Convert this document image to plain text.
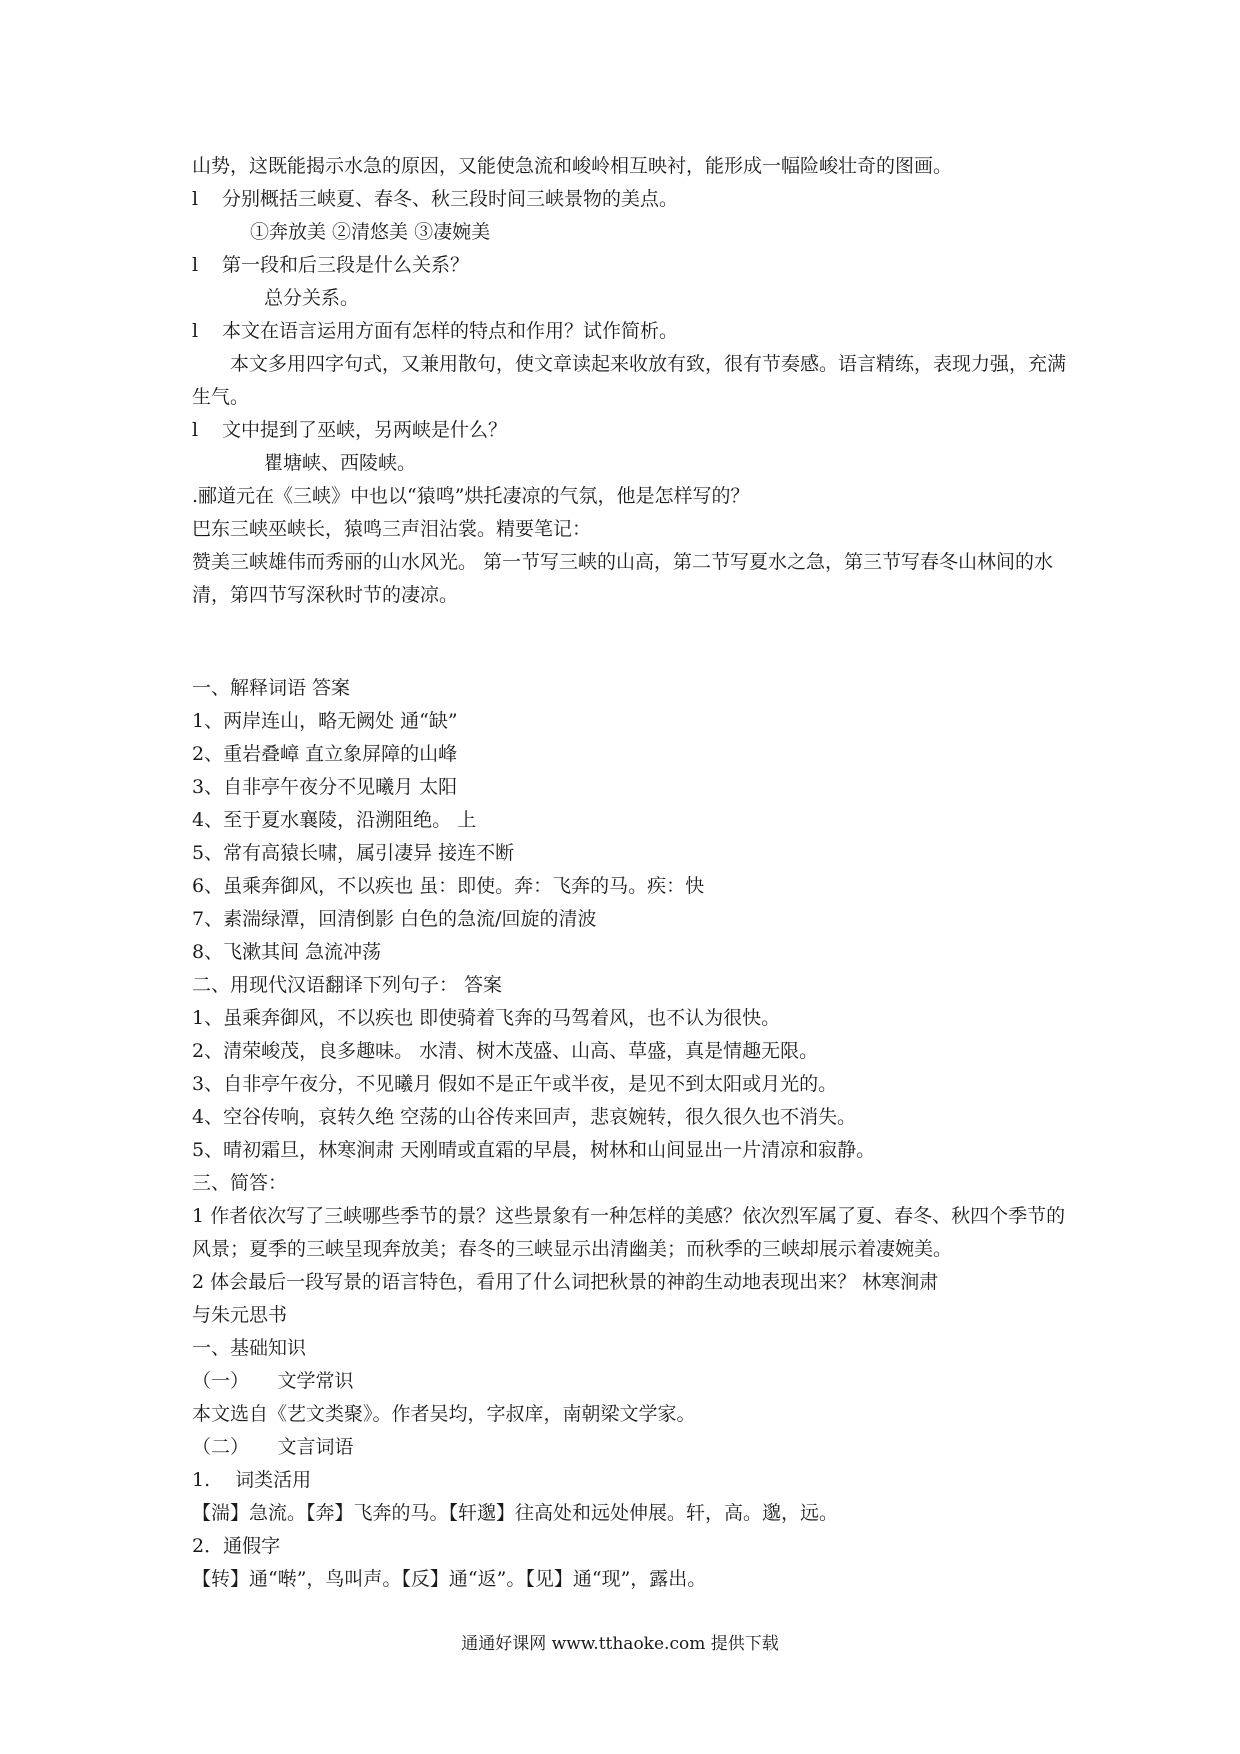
山势，这既能揭示水急的原因，又能使急流和峻岭相互映衬，能形成一幅险峻壮奇的图画。
l 分别概括三峡夏、春冬、秋三段时间三峡景物的美点。
①奔放美 ②清悠美 ③凄婉美
l 第一段和后三段是什么关系？
总分关系。
l 本文在语言运用方面有怎样的特点和作用？试作简析。
本文多用四字句式，又兼用散句，使文章读起来收放有致，很有节奏感。语言精练，表现力强，充满生气。
l 文中提到了巫峡，另两峡是什么？
瞿塘峡、西陵峡。
.郦道元在《三峡》中也以“猿鸣”烘托凄凉的气氛，他是怎样写的？
巴东三峡巫峡长，猿鸣三声泪沾裳。精要笔记：
赞美三峡雄伟而秀丽的山水风光。 第一节写三峡的山高，第二节写夏水之急，第三节写春冬山林间的水清，第四节写深秋时节的凄凉。
一、解释词语 答案
1、两岸连山，略无阙处 通“缺”
2、重岩叠嶂 直立象屏障的山峰
3、自非亭午夜分不见曦月 太阳
4、至于夏水襄陵，沿溯阻绝。 上
5、常有高猿长啸，属引凄异 接连不断
6、虽乘奔御风，不以疾也 虽：即使。奔：飞奔的马。疾：快
7、素湍绿潭，回清倒影 白色的急流/回旋的清波
8、飞漱其间 急流冲荡
二、用现代汉语翻译下列句子： 答案
1、虽乘奔御风，不以疾也 即使骑着飞奔的马驾着风，也不认为很快。
2、清荣峻茂，良多趣味。 水清、树木茂盛、山高、草盛，真是情趣无限。
3、自非亭午夜分，不见曦月 假如不是正午或半夜，是见不到太阳或月光的。
4、空谷传响，哀转久绝 空荡的山谷传来回声，悲哀婉转，很久很久也不消失。
5、晴初霜旦，林寒涧肃 天刚晴或直霜的早晨，树林和山间显出一片清凉和寂静。
三、简答：
1 作者依次写了三峡哪些季节的景？这些景象有一种怎样的美感？依次烈军属了夏、春冬、秋四个季节的风景；夏季的三峡呈现奔放美；春冬的三峡显示出清幽美；而秋季的三峡却展示着凄婉美。
2 体会最后一段写景的语言特色，看用了什么词把秋景的神韵生动地表现出来？ 林寒涧肃
与朱元思书
一、基础知识
（一）　　文学常识
本文选自《艺文类聚》。作者吴均，字叔庠，南朝梁文学家。
（二）　　文言词语
1.　 词类活用
【湍】急流。【奔】飞奔的马。【轩邈】往高处和远处伸展。轩，高。邈，远。
2．通假字
【转】通“啭”，鸟叫声。【反】通“返”。【见】通“现”，露出。
通通好课网 www.tthaoke.com 提供下载
